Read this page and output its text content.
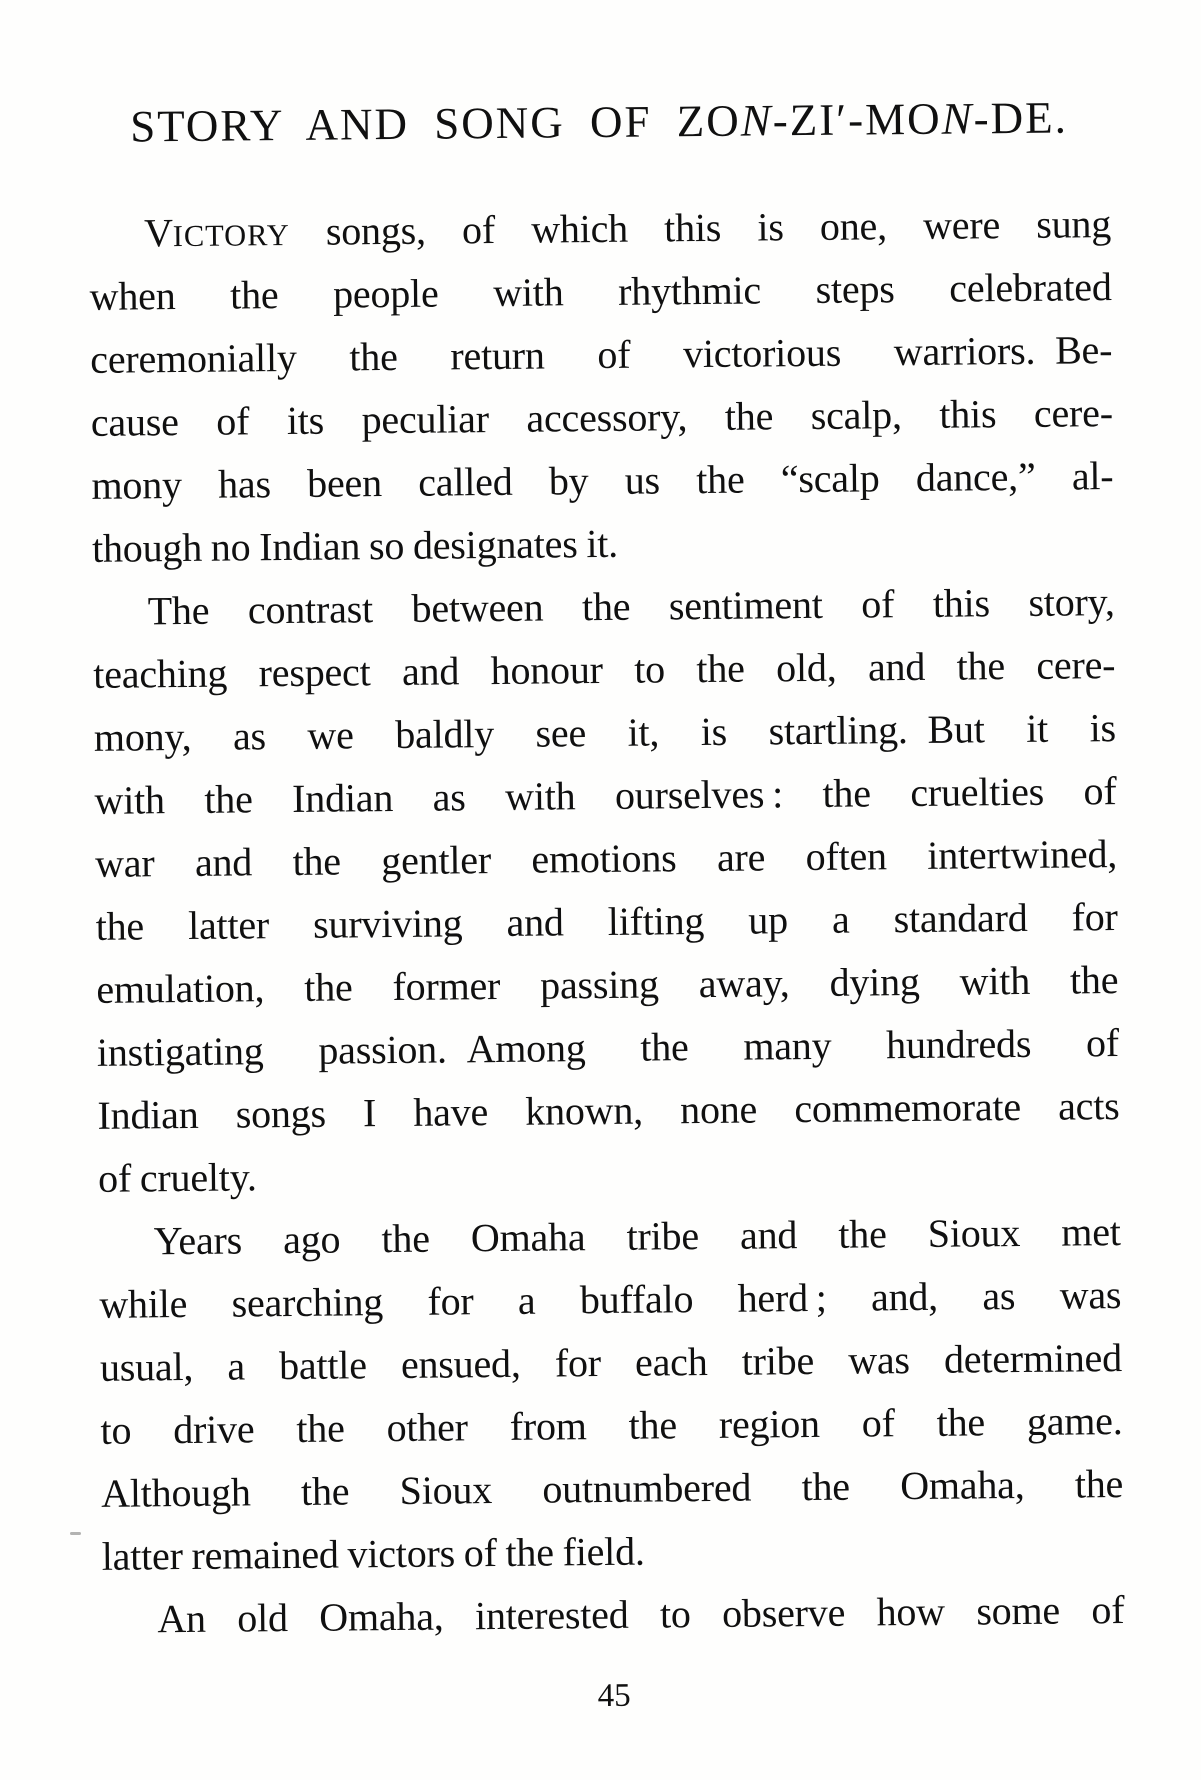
STORY AND SONG OF ZON-ZI′-MON-DE.
VICTORY songs, of which this is one, were sung
when the people with rhythmic steps celebrated
ceremonially the return of victorious warriors. Be-
cause of its peculiar accessory, the scalp, this cere-
mony has been called by us the “scalp dance,” al-
though no Indian so designates it.
The contrast between the sentiment of this story,
teaching respect and honour to the old, and the cere-
mony, as we baldly see it, is startling. But it is
with the Indian as with ourselves : the cruelties of
war and the gentler emotions are often intertwined,
the latter surviving and lifting up a standard for
emulation, the former passing away, dying with the
instigating passion. Among the many hundreds of
Indian songs I have known, none commemorate acts
of cruelty.
Years ago the Omaha tribe and the Sioux met
while searching for a buffalo herd ; and, as was
usual, a battle ensued, for each tribe was determined
to drive the other from the region of the game.
Although the Sioux outnumbered the Omaha, the
latter remained victors of the field.
An old Omaha, interested to observe how some of
45
